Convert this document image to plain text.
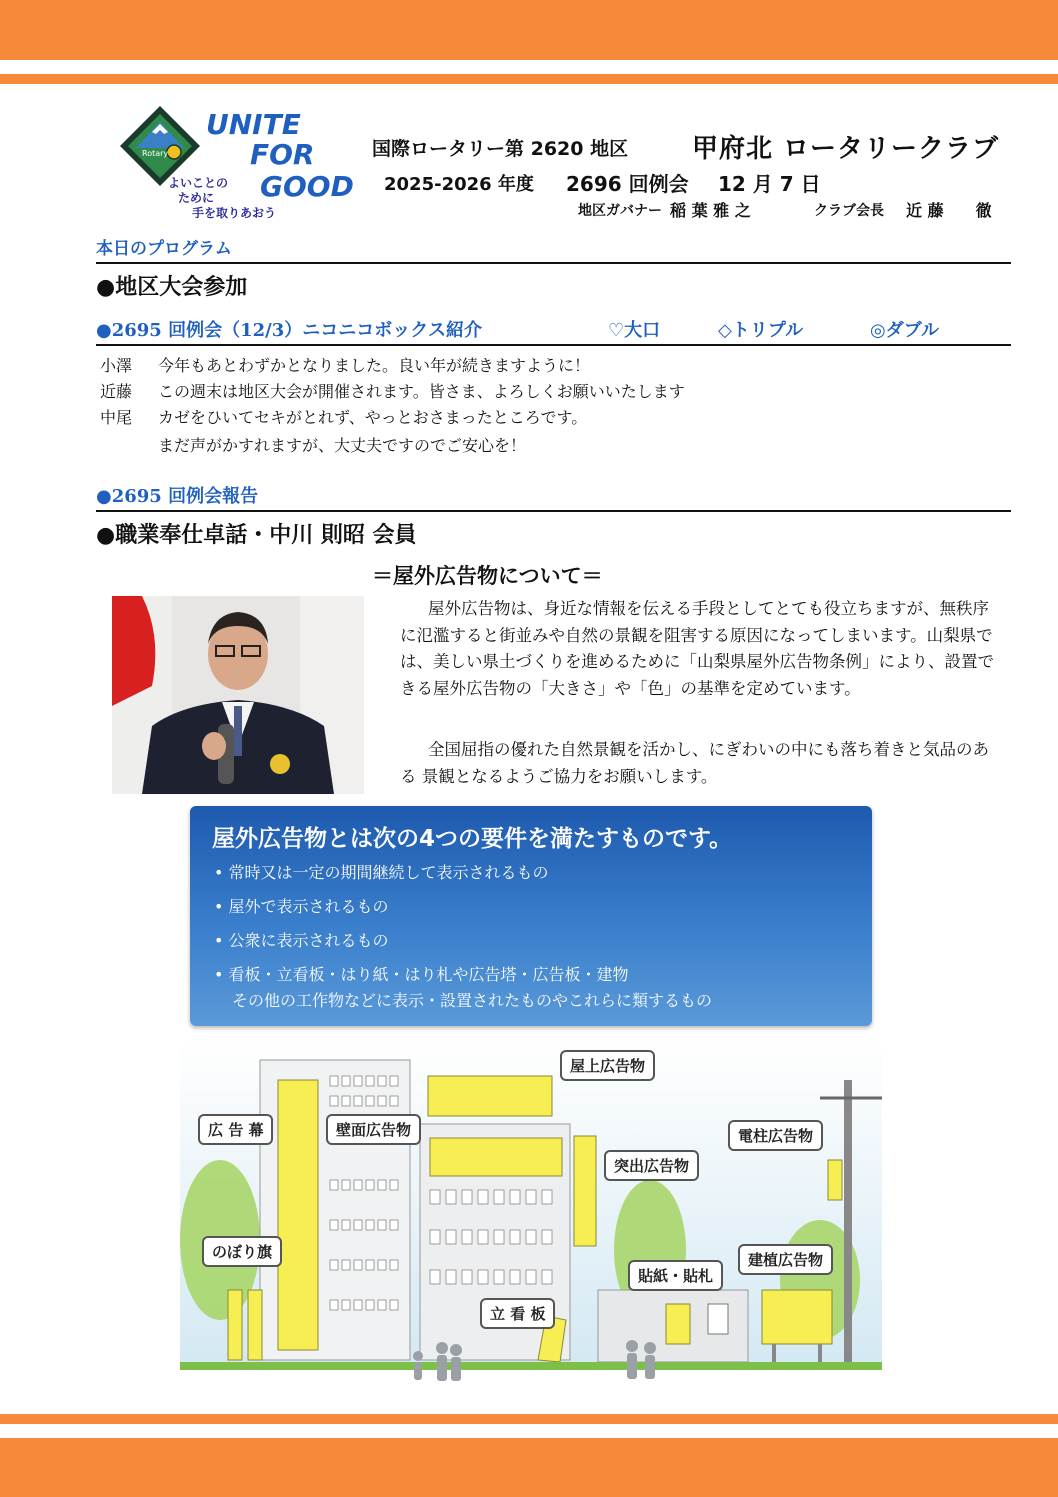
Rotary
UNITE
FOR
GOOD
よいことの
ために
手を取りあおう
国際ロータリー第 2620 地区 甲府北 ロータリークラブ
2025-2026 年度 2696 回例会 12 月 7 日
地区ガバナー 稲 葉 雅 之	クラブ会長 近 藤　　徹
本日のプログラム
●地区大会参加
●2695 回例会（12/3）ニコニコボックス紹介	♡大口	◇トリプル	◎ダブル
小澤 今年もあとわずかとなりました。良い年が続きますように！
近藤 この週末は地区大会が開催されます。皆さま、よろしくお願いいたします
中尾 カゼをひいてセキがとれず、やっとおさまったところです。
まだ声がかすれますが、大丈夫ですのでご安心を！
●2695 回例会報告
●職業奉仕卓話・中川 則昭 会員
＝屋外広告物について＝
屋外広告物は、身近な情報を伝える手段としてとても役立ちますが、無秩序に氾濫すると街並みや自然の景観を阻害する原因になってしまいます。山梨県では、美しい県土づくりを進めるために「山梨県屋外広告物条例」により、設置できる屋外広告物の「大きさ」や「色」の基準を定めています。
全国屈指の優れた自然景観を活かし、にぎわいの中にも落ち着きと気品のある 景観となるようご協力をお願いします。
屋外広告物とは次の4つの要件を満たすものです。
• 常時又は一定の期間継続して表示されるもの
• 屋外で表示されるもの
• 公衆に表示されるもの
• 看板・立看板・はり紙・はり札や広告塔・広告板・建物
その他の工作物などに表示・設置されたものやこれらに類するもの
屋上広告物
広 告 幕	壁面広告物	電柱広告物
突出広告物
のぼり旗
貼紙・貼札
建植広告物
立 看 板
